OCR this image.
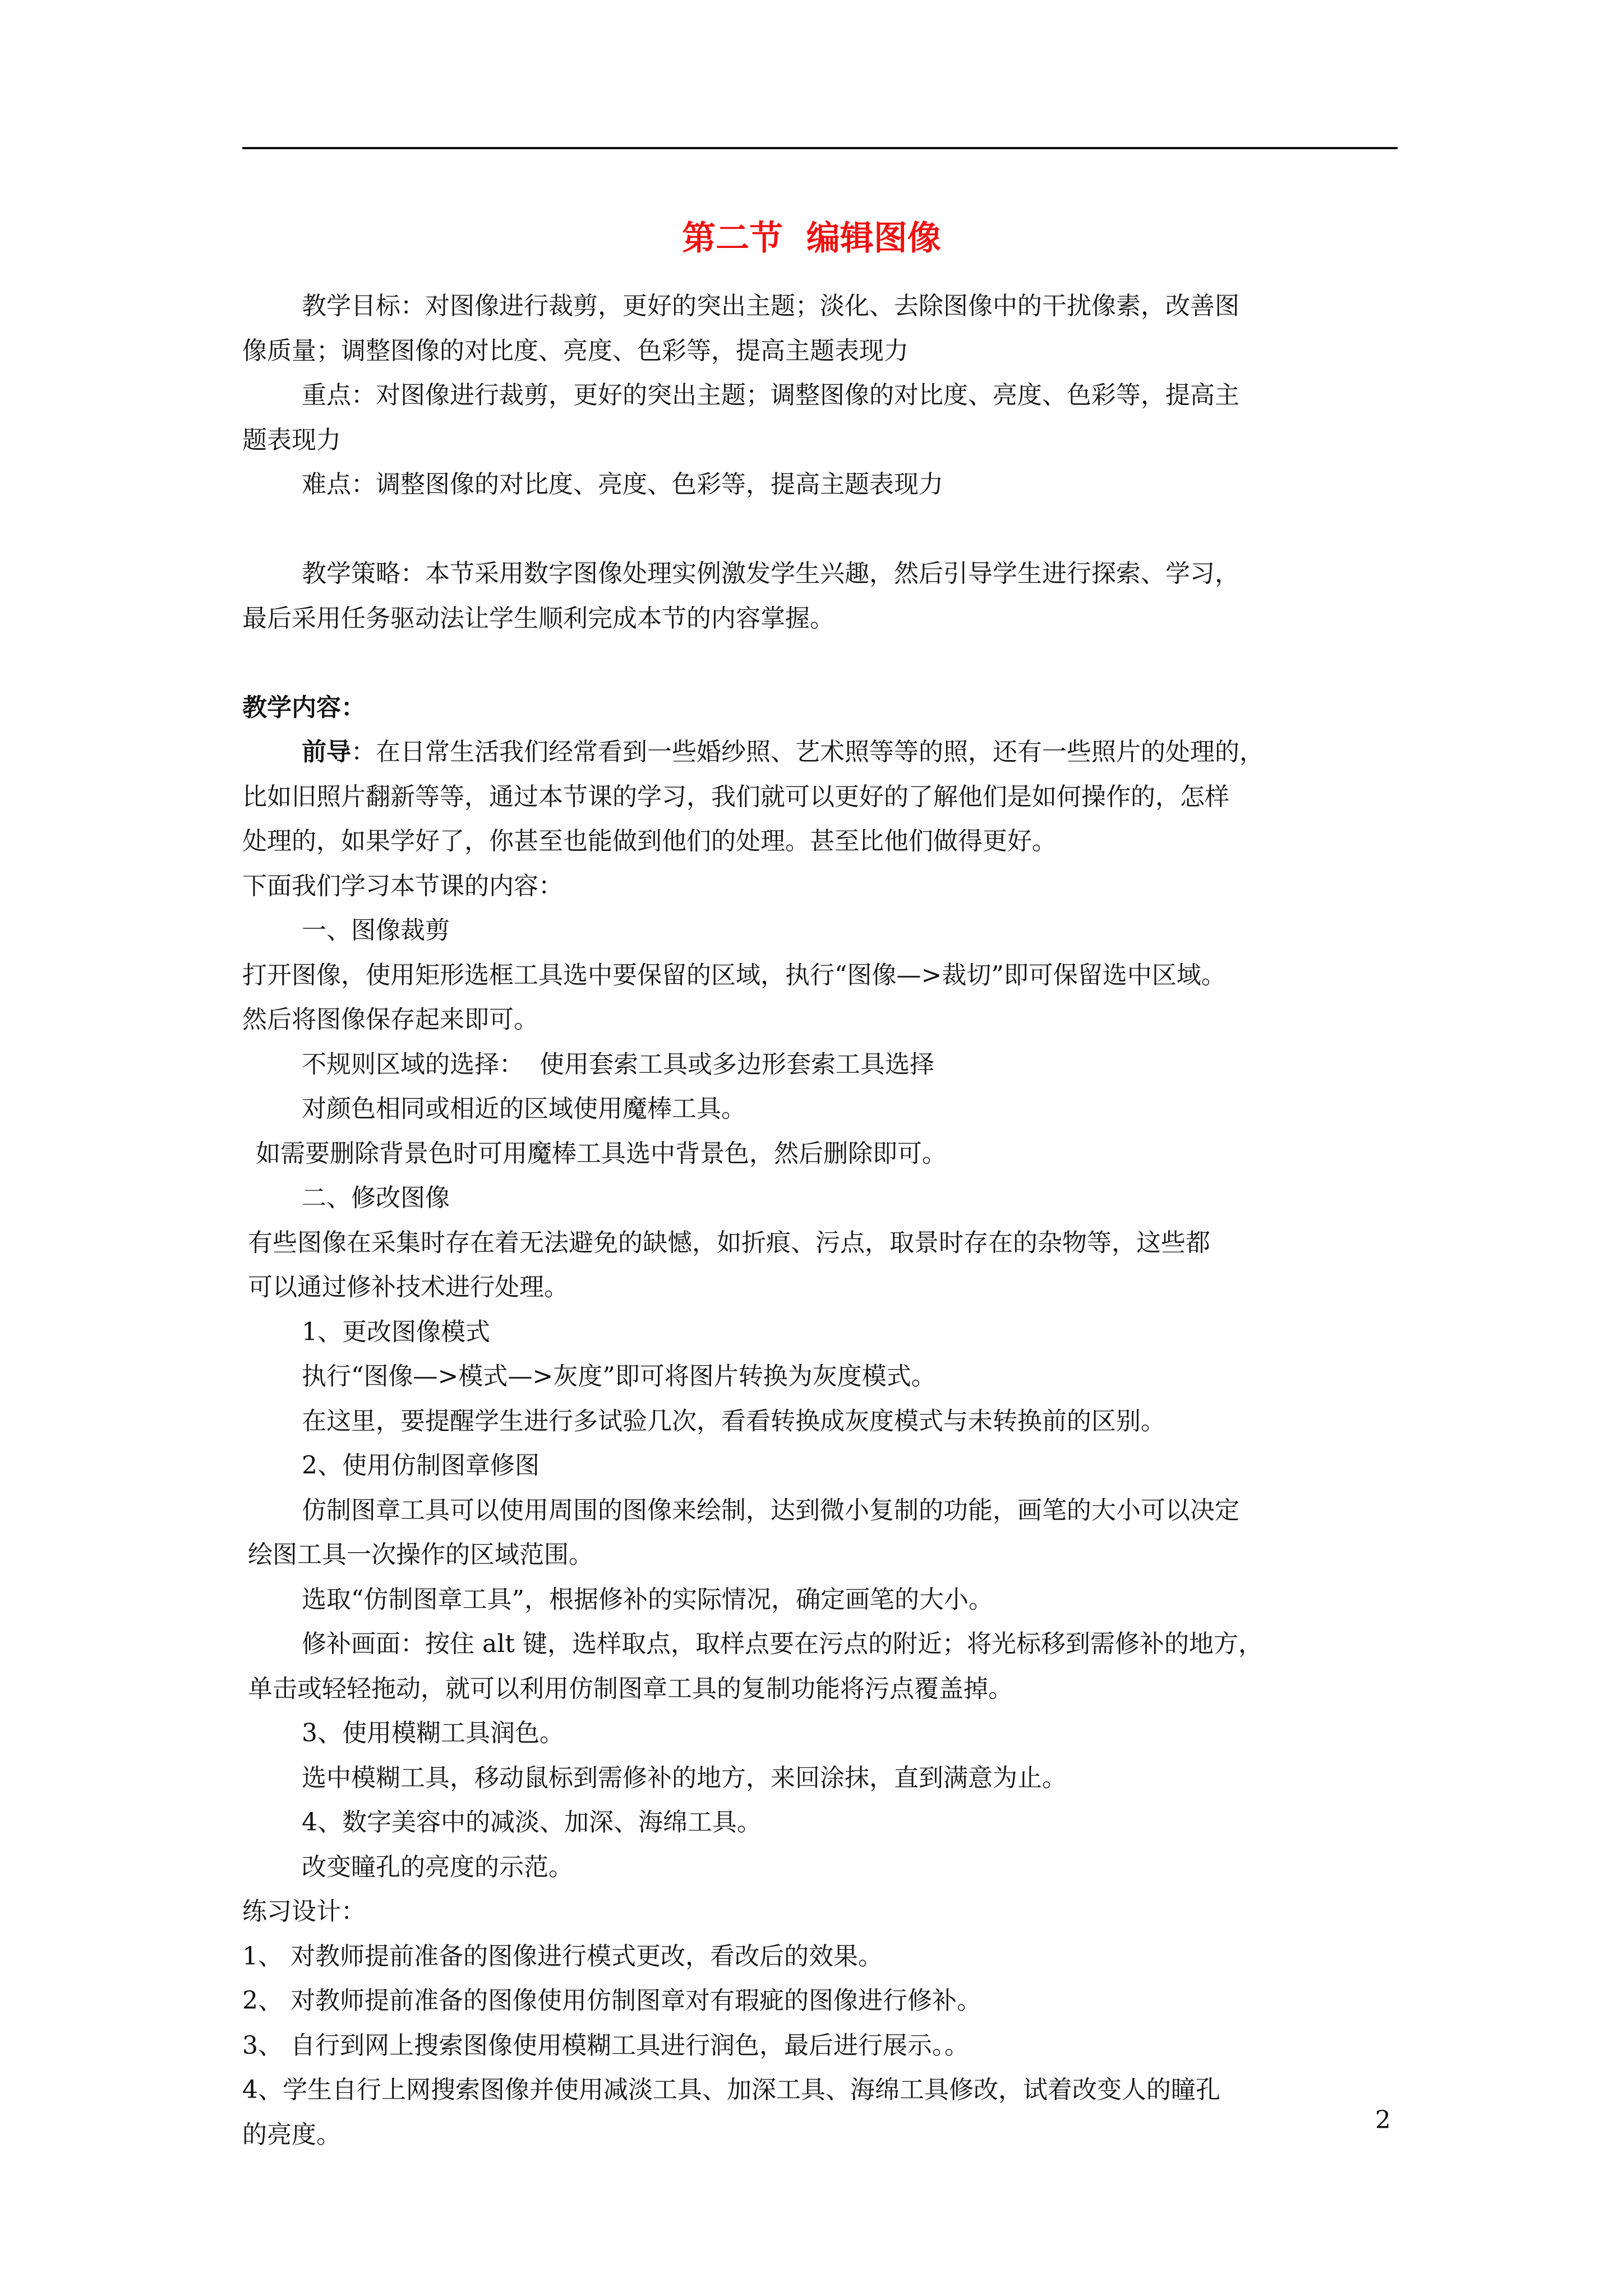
第二节  编辑图像
教学目标：对图像进行裁剪，更好的突出主题；淡化、去除图像中的干扰像素，改善图
像质量；调整图像的对比度、亮度、色彩等，提高主题表现力
重点：对图像进行裁剪，更好的突出主题；调整图像的对比度、亮度、色彩等，提高主
题表现力
难点：调整图像的对比度、亮度、色彩等，提高主题表现力
教学策略：本节采用数字图像处理实例激发学生兴趣，然后引导学生进行探索、学习，
最后采用任务驱动法让学生顺利完成本节的内容掌握。
教学内容：
前导：在日常生活我们经常看到一些婚纱照、艺术照等等的照，还有一些照片的处理的，
比如旧照片翻新等等，通过本节课的学习，我们就可以更好的了解他们是如何操作的，怎样
处理的，如果学好了，你甚至也能做到他们的处理。甚至比他们做得更好。
下面我们学习本节课的内容：
一、图像裁剪
打开图像，使用矩形选框工具选中要保留的区域，执行“图像—>裁切”即可保留选中区域。
然后将图像保存起来即可。
不规则区域的选择：  使用套索工具或多边形套索工具选择
对颜色相同或相近的区域使用魔棒工具。
如需要删除背景色时可用魔棒工具选中背景色，然后删除即可。
二、修改图像
有些图像在采集时存在着无法避免的缺憾，如折痕、污点，取景时存在的杂物等，这些都
可以通过修补技术进行处理。
1、更改图像模式
执行“图像—>模式—>灰度”即可将图片转换为灰度模式。
在这里，要提醒学生进行多试验几次，看看转换成灰度模式与未转换前的区别。
2、使用仿制图章修图
仿制图章工具可以使用周围的图像来绘制，达到微小复制的功能，画笔的大小可以决定
绘图工具一次操作的区域范围。
选取“仿制图章工具”，根据修补的实际情况，确定画笔的大小。
修补画面：按住 alt 键，选样取点，取样点要在污点的附近；将光标移到需修补的地方，
单击或轻轻拖动，就可以利用仿制图章工具的复制功能将污点覆盖掉。
3、使用模糊工具润色。
选中模糊工具，移动鼠标到需修补的地方，来回涂抹，直到满意为止。
4、数字美容中的减淡、加深、海绵工具。
改变瞳孔的亮度的示范。
练习设计：
1、 对教师提前准备的图像进行模式更改，看改后的效果。
2、 对教师提前准备的图像使用仿制图章对有瑕疵的图像进行修补。
3、 自行到网上搜索图像使用模糊工具进行润色，最后进行展示。。
4、学生自行上网搜索图像并使用减淡工具、加深工具、海绵工具修改，试着改变人的瞳孔
的亮度。	2
